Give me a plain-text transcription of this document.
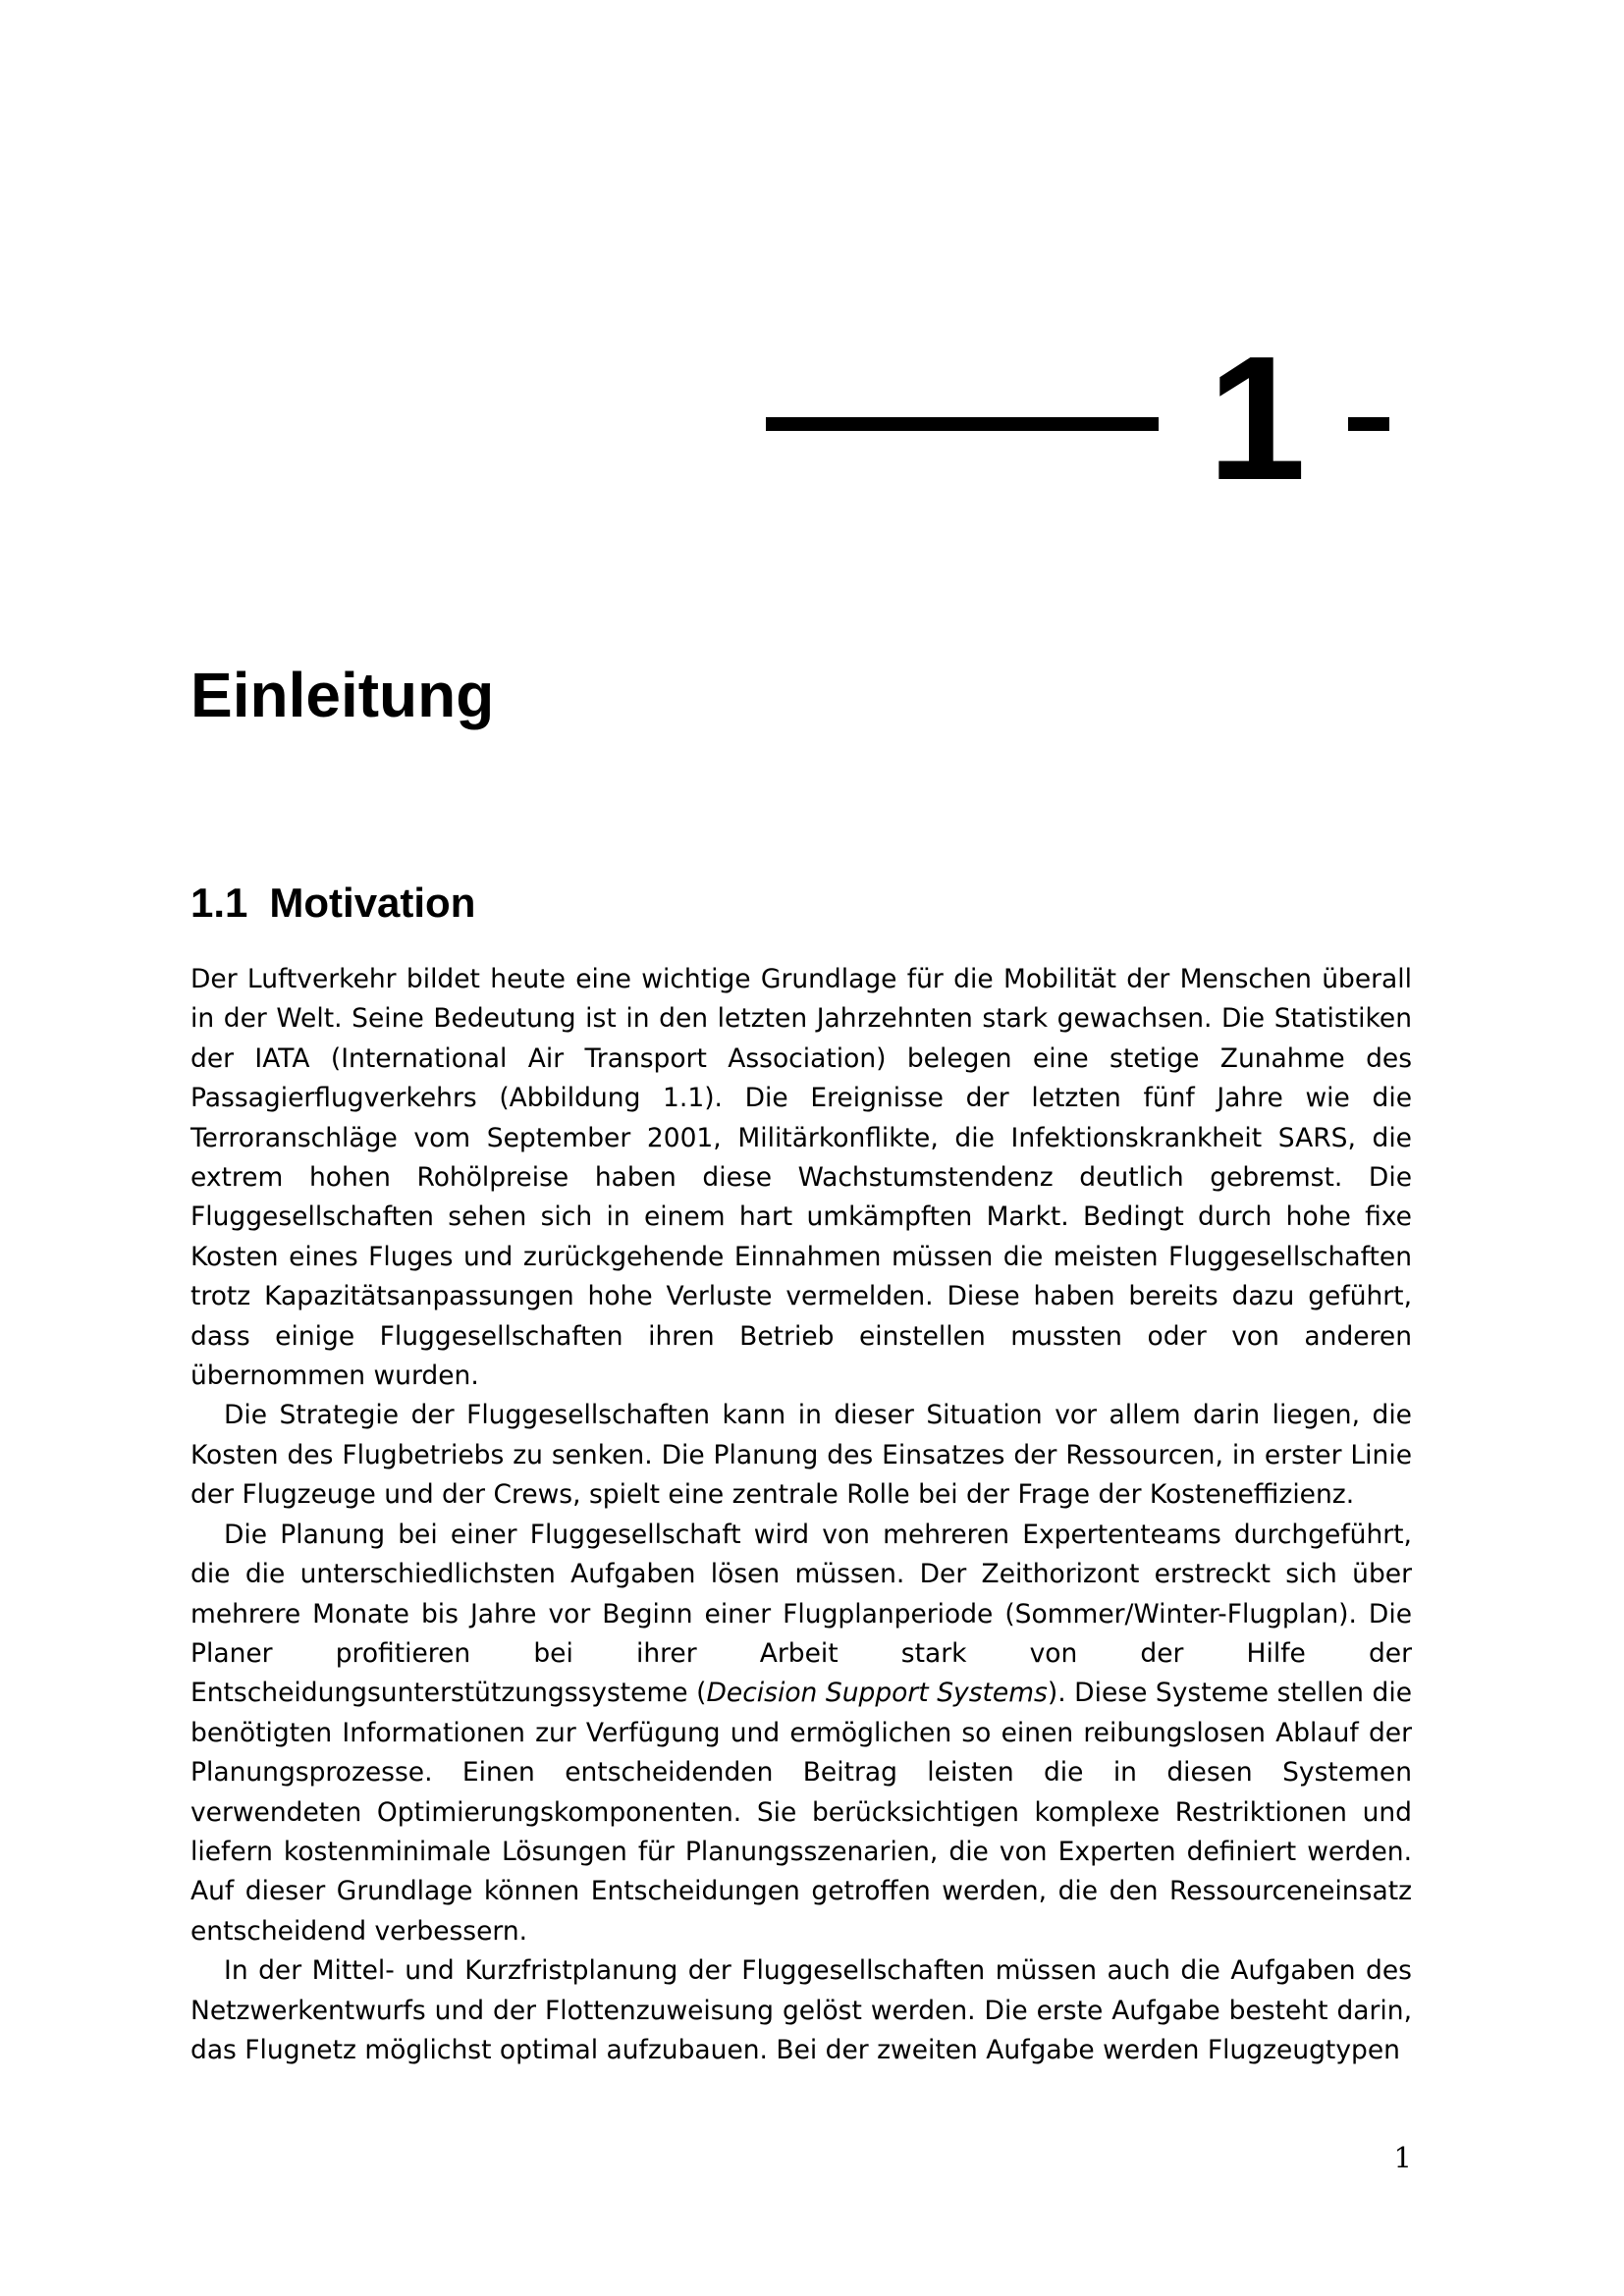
1
Einleitung
1.1 Motivation

Der Luftverkehr bildet heute eine wichtige Grundlage für die Mobilität der Menschen überall in der Welt. Seine Bedeutung ist in den letzten Jahrzehnten stark gewachsen. Die Statistiken der IATA (International Air Transport Association) belegen eine stetige Zunahme des Passagierflugverkehrs (Abbildung 1.1). Die Ereignisse der letzten fünf Jahre wie die Terroranschläge vom September 2001, Militärkonflikte, die Infektionskrankheit SARS, die extrem hohen Rohölpreise haben diese Wachstumstendenz deutlich gebremst. Die Fluggesellschaften sehen sich in einem hart umkämpften Markt. Bedingt durch hohe fixe Kosten eines Fluges und zurückgehende Einnahmen müssen die meisten Fluggesellschaften trotz Kapazitätsanpassungen hohe Verluste vermelden. Diese haben bereits dazu geführt, dass einige Fluggesellschaften ihren Betrieb einstellen mussten oder von anderen übernommen wurden.

Die Strategie der Fluggesellschaften kann in dieser Situation vor allem darin liegen, die Kosten des Flugbetriebs zu senken. Die Planung des Einsatzes der Ressourcen, in erster Linie der Flugzeuge und der Crews, spielt eine zentrale Rolle bei der Frage der Kosteneffizienz.

Die Planung bei einer Fluggesellschaft wird von mehreren Expertenteams durchgeführt, die die unterschiedlichsten Aufgaben lösen müssen. Der Zeithorizont erstreckt sich über mehrere Monate bis Jahre vor Beginn einer Flugplanperiode (Sommer/Winter-Flugplan). Die Planer profitieren bei ihrer Arbeit stark von der Hilfe der Entscheidungsunterstützungssysteme (Decision Support Systems). Diese Systeme stellen die benötigten Informationen zur Verfügung und ermöglichen so einen reibungslosen Ablauf der Planungsprozesse. Einen entscheidenden Beitrag leisten die in diesen Systemen verwendeten Optimierungskomponenten. Sie berücksichtigen komplexe Restriktionen und liefern kostenminimale Lösungen für Planungsszenarien, die von Experten definiert werden. Auf dieser Grundlage können Entscheidungen getroffen werden, die den Ressourceneinsatz entscheidend verbessern.

In der Mittel- und Kurzfristplanung der Fluggesellschaften müssen auch die Aufgaben des Netzwerkentwurfs und der Flottenzuweisung gelöst werden. Die erste Aufgabe besteht darin, das Flugnetz möglichst optimal aufzubauen. Bei der zweiten Aufgabe werden Flugzeugtypen

1
